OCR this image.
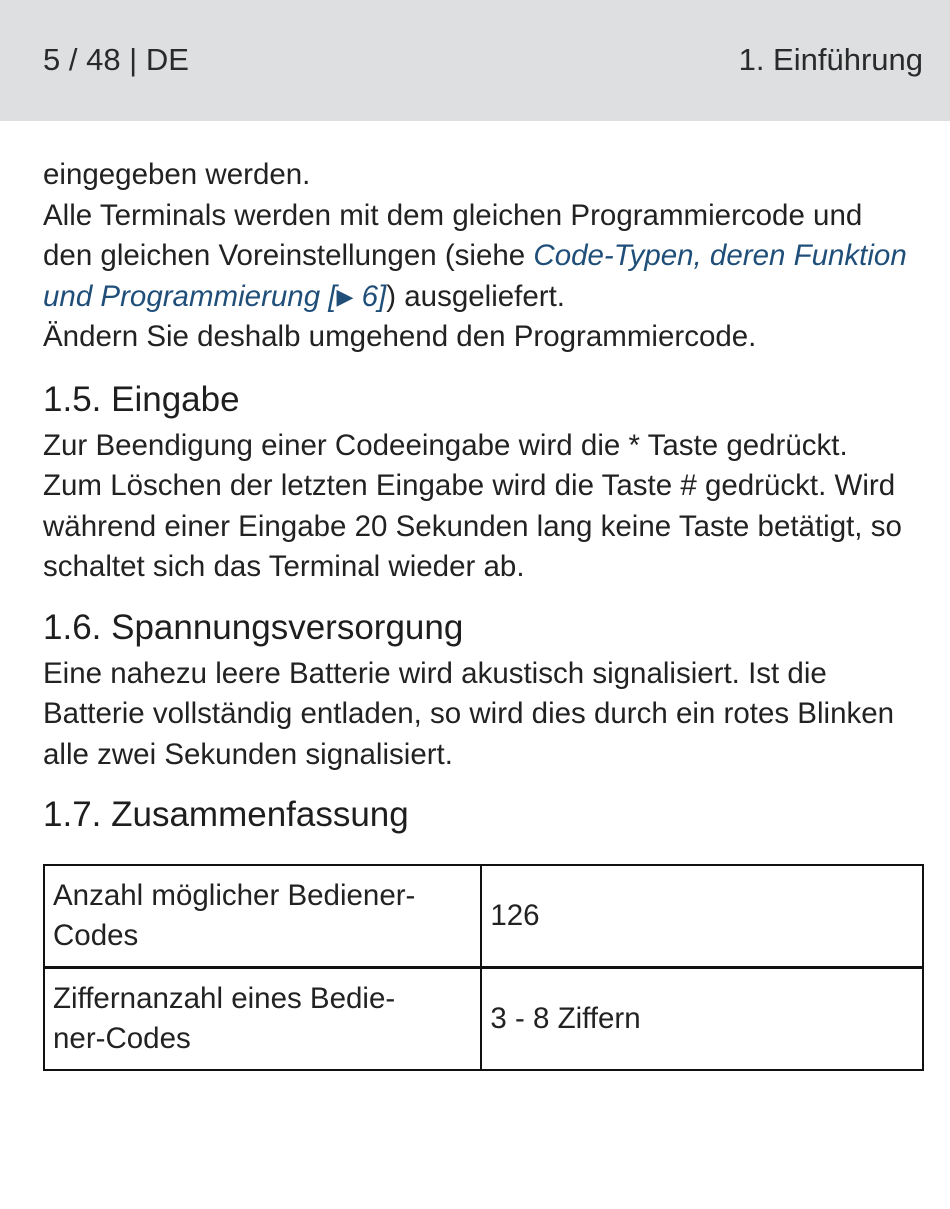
5 / 48 | DE	1. Einführung

eingegeben werden.

Alle Terminals werden mit dem gleichen Programmiercode und den gleichen Voreinstellungen (siehe Code-Typen, deren Funktion und Programmierung [▶ 6]) ausgeliefert.
Ändern Sie deshalb umgehend den Programmiercode.

1.5. Eingabe

Zur Beendigung einer Codeeingabe wird die * Taste gedrückt. Zum Löschen der letzten Eingabe wird die Taste # gedrückt. Wird während einer Eingabe 20 Sekunden lang keine Taste betätigt, so schaltet sich das Terminal wieder ab.

1.6. Spannungsversorgung

Eine nahezu leere Batterie wird akustisch signalisiert. Ist die Batterie vollständig entladen, so wird dies durch ein rotes Blinken alle zwei Sekunden signalisiert.

1.7. Zusammenfassung
Anzahl möglicher Bediener-
Codes	126
Ziffernanzahl eines Bedie-
ner-Codes	3 - 8 Ziffern
